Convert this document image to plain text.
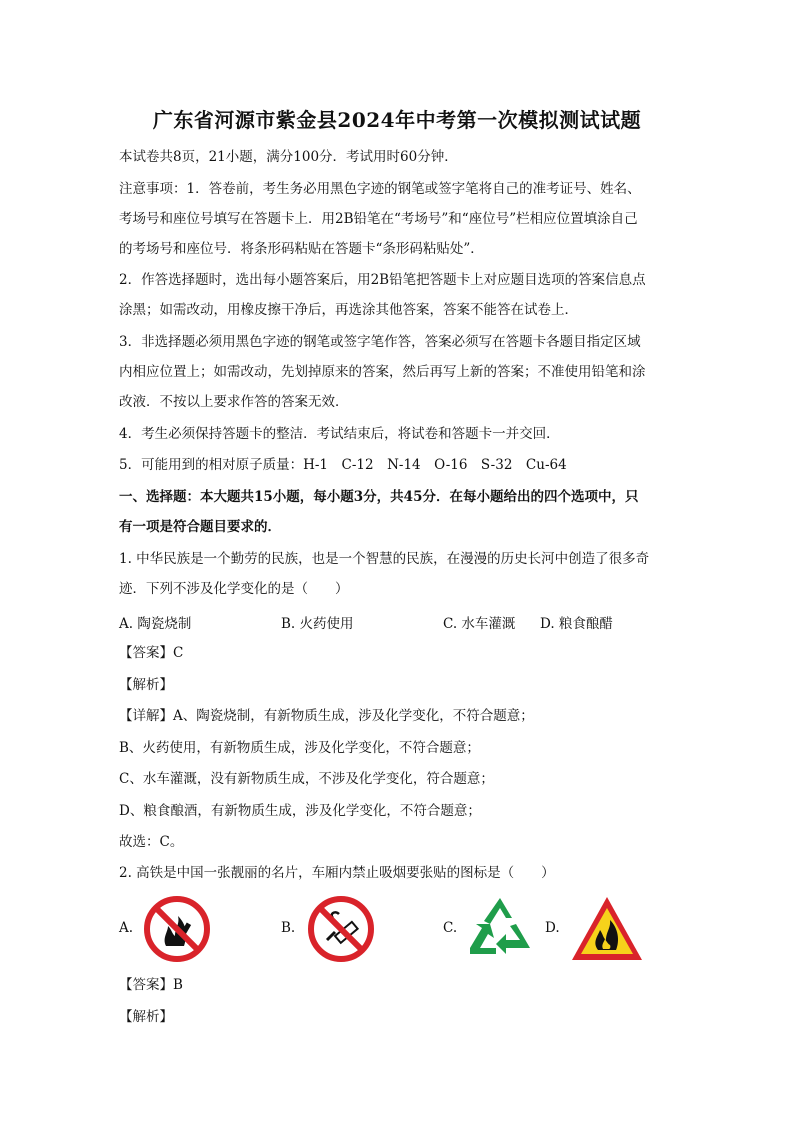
广东省河源市紫金县2024年中考第一次模拟测试试题
本试卷共8页，21小题，满分100分．考试用时60分钟．
注意事项：1．答卷前，考生务必用黑色字迹的钢笔或签字笔将自己的准考证号、姓名、
考场号和座位号填写在答题卡上．用2B铅笔在“考场号”和“座位号”栏相应位置填涂自己
的考场号和座位号．将条形码粘贴在答题卡“条形码粘贴处”．
2．作答选择题时，选出每小题答案后，用2B铅笔把答题卡上对应题目选项的答案信息点
涂黑；如需改动，用橡皮擦干净后，再选涂其他答案，答案不能答在试卷上．
3．非选择题必须用黑色字迹的钢笔或签字笔作答，答案必须写在答题卡各题目指定区域
内相应位置上；如需改动，先划掉原来的答案，然后再写上新的答案；不准使用铅笔和涂
改液．不按以上要求作答的答案无效．
4．考生必须保持答题卡的整洁．考试结束后，将试卷和答题卡一并交回．
5．可能用到的相对原子质量：H-1　C-12　N-14　O-16　S-32　Cu-64
一、选择题：本大题共15小题，每小题3分，共45分．在每小题给出的四个选项中，只
有一项是符合题目要求的．
1. 中华民族是一个勤劳的民族，也是一个智慧的民族，在漫漫的历史长河中创造了很多奇
迹．下列不涉及化学变化的是（　　）
A. 陶瓷烧制	B. 火药使用	C. 水车灌溉 D. 粮食酿醋
【答案】C
【解析】
【详解】A、陶瓷烧制，有新物质生成，涉及化学变化，不符合题意；
B、火药使用，有新物质生成，涉及化学变化，不符合题意；
C、水车灌溉，没有新物质生成，不涉及化学变化，符合题意；
D、粮食酿酒，有新物质生成，涉及化学变化，不符合题意；
故选：C。
2. 高铁是中国一张靓丽的名片，车厢内禁止吸烟要张贴的图标是（　　）
A.	B.	C.	D.
【答案】B
【解析】
